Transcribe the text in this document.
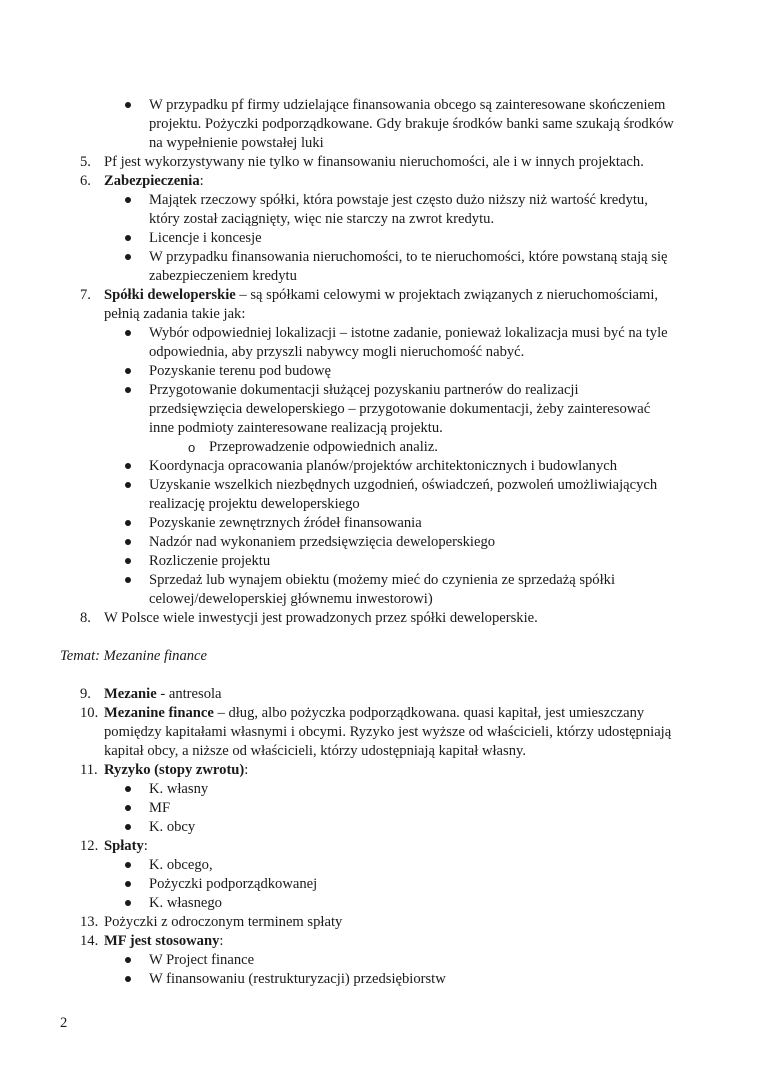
W przypadku pf firmy udzielające finansowania obcego są zainteresowane skończeniem
projektu. Pożyczki podporządkowane. Gdy brakuje środków banki same szukają środków
na wypełnienie powstałej luki
5. Pf jest wykorzystywany nie tylko w finansowaniu nieruchomości, ale i w innych projektach.
6. Zabezpieczenia:
Majątek rzeczowy spółki, która powstaje jest często dużo niższy niż wartość kredytu,
który został zaciągnięty, więc nie starczy na zwrot kredytu.
Licencje i koncesje
W przypadku finansowania nieruchomości, to te nieruchomości, które powstaną stają się
zabezpieczeniem kredytu
7. Spółki deweloperskie – są spółkami celowymi w projektach związanych z nieruchomościami,
pełnią zadania takie jak:
Wybór odpowiedniej lokalizacji – istotne zadanie, ponieważ lokalizacja musi być na tyle
odpowiednia, aby przyszli nabywcy mogli nieruchomość nabyć.
Pozyskanie terenu pod budowę
Przygotowanie dokumentacji służącej pozyskaniu partnerów do realizacji
przedsięwzięcia deweloperskiego – przygotowanie dokumentacji, żeby zainteresować
inne podmioty zainteresowane realizacją projektu.
o Przeprowadzenie odpowiednich analiz.
Koordynacja opracowania planów/projektów architektonicznych i budowlanych
Uzyskanie wszelkich niezbędnych uzgodnień, oświadczeń, pozwoleń umożliwiających
realizację projektu deweloperskiego
Pozyskanie zewnętrznych źródeł finansowania
Nadzór nad wykonaniem przedsięwzięcia deweloperskiego
Rozliczenie projektu
Sprzedaż lub wynajem obiektu (możemy mieć do czynienia ze sprzedażą spółki
celowej/deweloperskiej głównemu inwestorowi)
8. W Polsce wiele inwestycji jest prowadzonych przez spółki deweloperskie.
Temat: Mezanine finance
9. Mezanie - antresola
10. Mezanine finance – dług, albo pożyczka podporządkowana. quasi kapitał, jest umieszczany
pomiędzy kapitałami własnymi i obcymi. Ryzyko jest wyższe od właścicieli, którzy udostępniają
kapitał obcy, a niższe od właścicieli, którzy udostępniają kapitał własny.
11. Ryzyko (stopy zwrotu):
K. własny
MF
K. obcy
12. Spłaty:
K. obcego,
Pożyczki podporządkowanej
K. własnego
13. Pożyczki z odroczonym terminem spłaty
14. MF jest stosowany:
W Project finance
W finansowaniu (restrukturyzacji) przedsiębiorstw
2
